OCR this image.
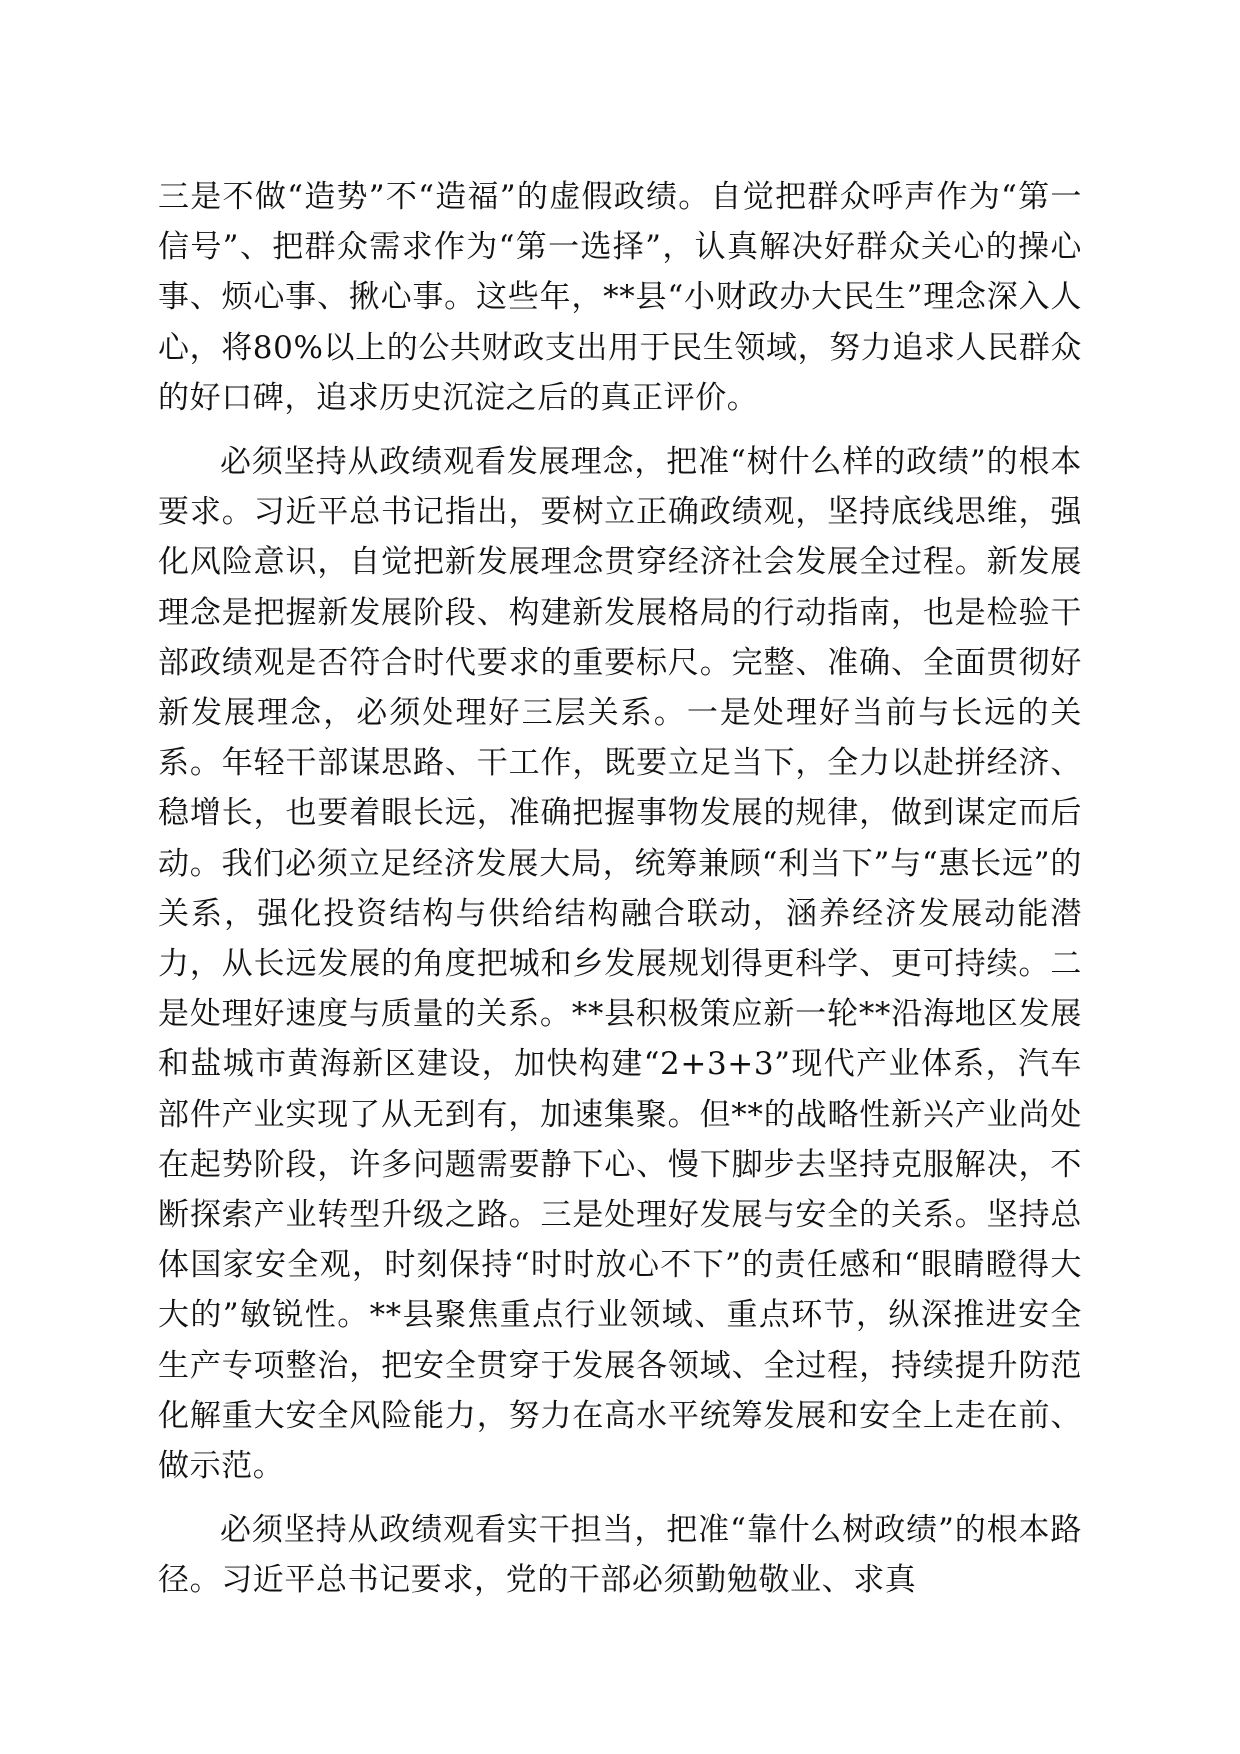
三是不做“造势”不“造福”的虚假政绩。自觉把群众呼声作为“第一信号”、把群众需求作为“第一选择”，认真解决好群众关心的操心事、烦心事、揪心事。这些年，**县“小财政办大民生”理念深入人心，将80%以上的公共财政支出用于民生领域，努力追求人民群众的好口碑，追求历史沉淀之后的真正评价。

必须坚持从政绩观看发展理念，把准“树什么样的政绩”的根本要求。习近平总书记指出，要树立正确政绩观，坚持底线思维，强化风险意识，自觉把新发展理念贯穿经济社会发展全过程。新发展理念是把握新发展阶段、构建新发展格局的行动指南，也是检验干部政绩观是否符合时代要求的重要标尺。完整、准确、全面贯彻好新发展理念，必须处理好三层关系。一是处理好当前与长远的关系。年轻干部谋思路、干工作，既要立足当下，全力以赴拼经济、稳增长，也要着眼长远，准确把握事物发展的规律，做到谋定而后动。我们必须立足经济发展大局，统筹兼顾“利当下”与“惠长远”的关系，强化投资结构与供给结构融合联动，涵养经济发展动能潜力，从长远发展的角度把城和乡发展规划得更科学、更可持续。二是处理好速度与质量的关系。**县积极策应新一轮**沿海地区发展和盐城市黄海新区建设，加快构建“2+3+3”现代产业体系，汽车部件产业实现了从无到有，加速集聚。但**的战略性新兴产业尚处在起势阶段，许多问题需要静下心、慢下脚步去坚持克服解决，不断探索产业转型升级之路。三是处理好发展与安全的关系。坚持总体国家安全观，时刻保持“时时放心不下”的责任感和“眼睛瞪得大大的”敏锐性。**县聚焦重点行业领域、重点环节，纵深推进安全生产专项整治，把安全贯穿于发展各领域、全过程，持续提升防范化解重大安全风险能力，努力在高水平统筹发展和安全上走在前、做示范。

必须坚持从政绩观看实干担当，把准“靠什么树政绩”的根本路径。习近平总书记要求，党的干部必须勤勉敬业、求真
